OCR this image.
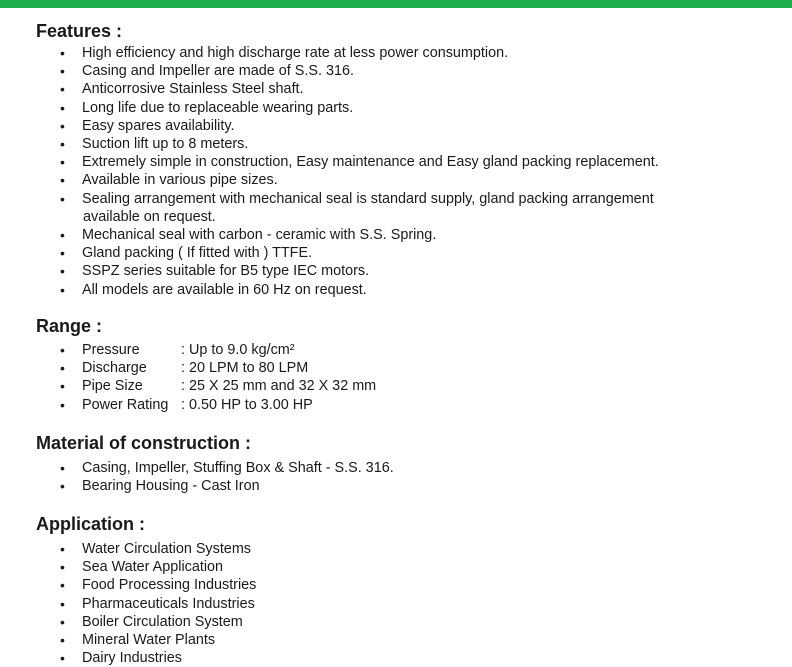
Features :
• High efficiency and high discharge rate at less power consumption.
• Casing and Impeller are made of S.S. 316.
• Anticorrosive Stainless Steel shaft.
• Long life due to replaceable wearing parts.
• Easy spares availability.
• Suction lift up to 8 meters.
• Extremely simple in construction, Easy maintenance and Easy gland packing replacement.
• Available in various pipe sizes.
• Sealing arrangement with mechanical seal is standard supply, gland packing arrangement
available on request.
• Mechanical seal with carbon - ceramic with S.S. Spring.
• Gland packing ( If fitted with ) TTFE.
• SSPZ series suitable for B5 type IEC motors.
• All models are available in 60 Hz on request.
Range :
• Pressure	: Up to 9.0 kg/cm²
• Discharge : 20 LPM to 80 LPM
• Pipe Size	: 25 X 25 mm and 32 X 32 mm
• Power Rating : 0.50 HP to 3.00 HP
Material of construction :
• Casing, Impeller, Stuffing Box & Shaft - S.S. 316.
• Bearing Housing - Cast Iron
Application :
• Water Circulation Systems
• Sea Water Application
• Food Processing Industries
• Pharmaceuticals Industries
• Boiler Circulation System
• Mineral Water Plants
• Dairy Industries
